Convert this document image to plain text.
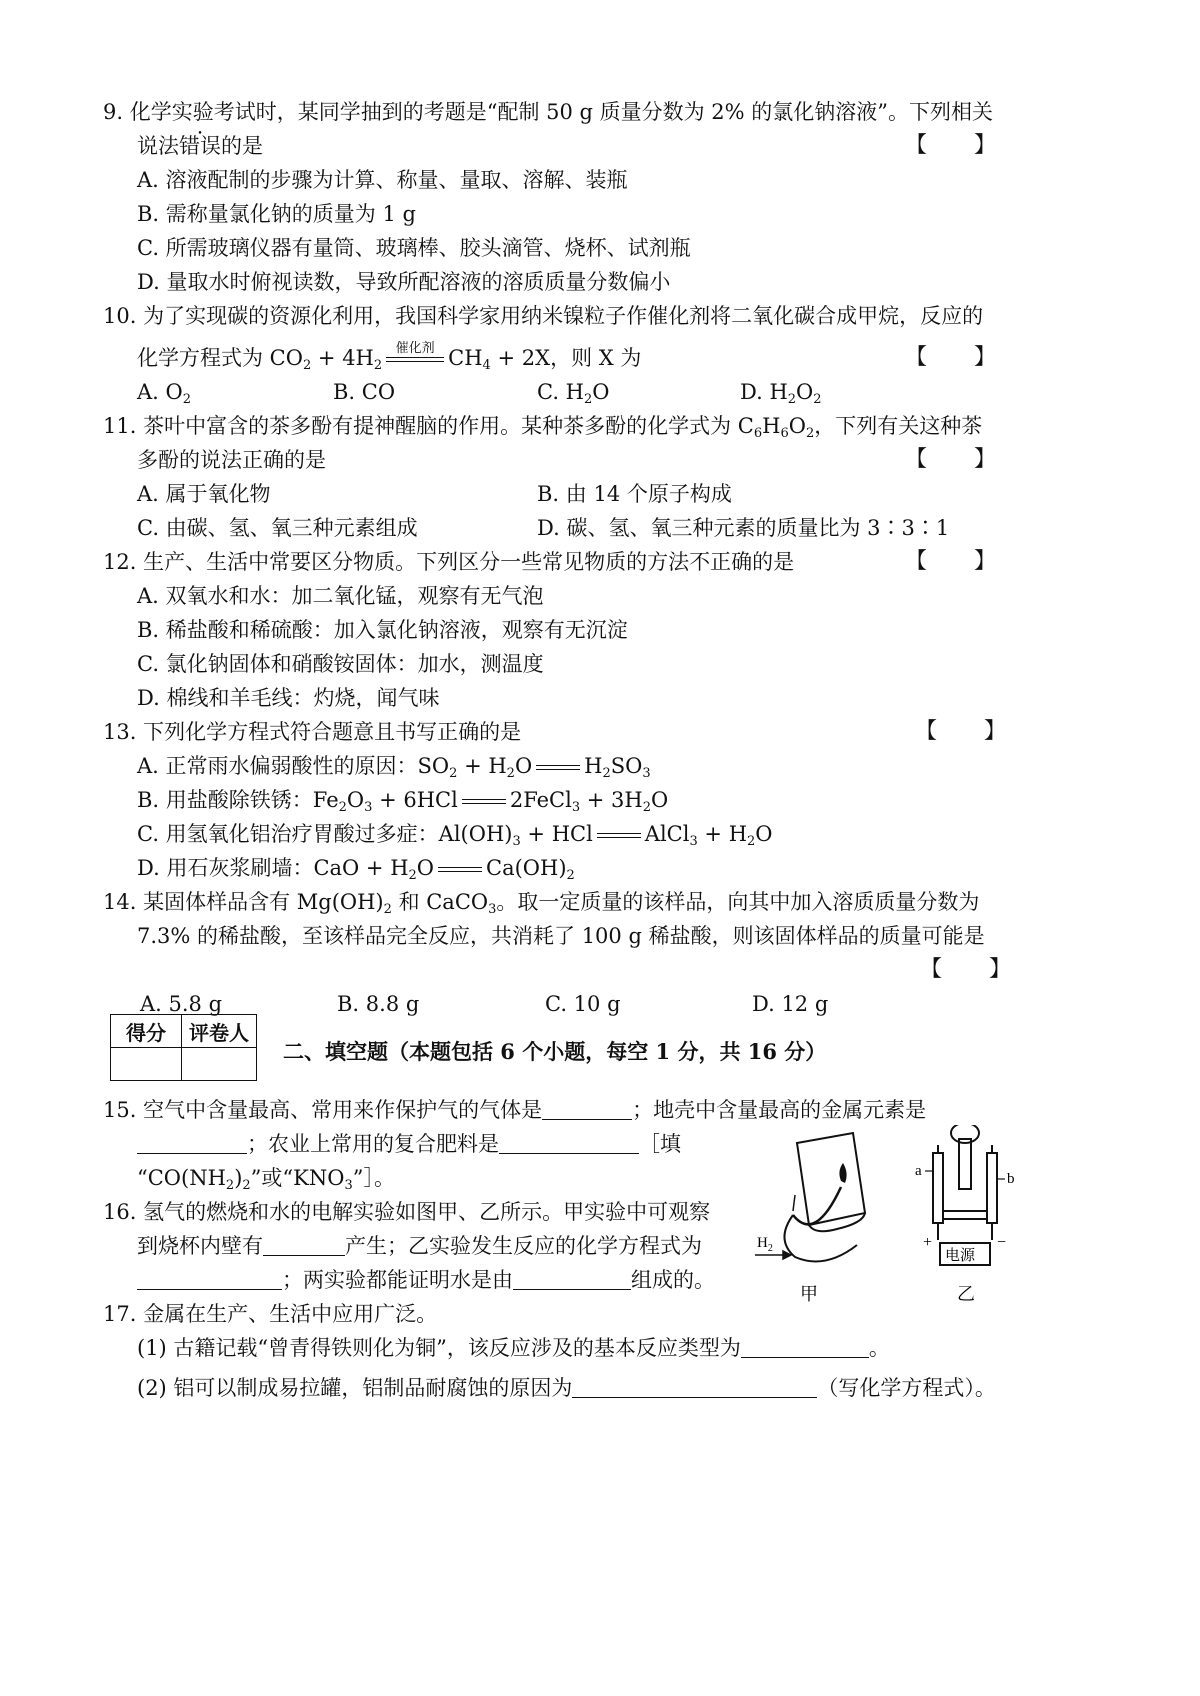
9. 化学实验考试时，某同学抽到的考题是“配制 50 g 质量分数为 2% 的氯化钠溶液”。下列相关
说法错误的是	【　　】
A. 溶液配制的步骤为计算、称量、量取、溶解、装瓶
B. 需称量氯化钠的质量为 1 g
C. 所需玻璃仪器有量筒、玻璃棒、胶头滴管、烧杯、试剂瓶
D. 量取水时俯视读数，导致所配溶液的溶质质量分数偏小
10. 为了实现碳的资源化利用，我国科学家用纳米镍粒子作催化剂将二氧化碳合成甲烷，反应的
化学方程式为 $CO_2 + 4H_2$
催化剂 $CH_4 + 2X$，则 X 为	【　　】
A. $O_2$	B. CO	C. $H_2O$	D. $H_2O_2$
11. 茶叶中富含的茶多酚有提神醒脑的作用。某种茶多酚的化学式为 $C_6H_6O_2$，下列有关这种茶
多酚的说法正确的是	【　　】
A. 属于氧化物	B. 由 14 个原子构成
C. 由碳、氢、氧三种元素组成	D. 碳、氢、氧三种元素的质量比为 3∶3∶1
12. 生产、生活中常要区分物质。下列区分一些常见物质的方法不正确的是	【　　】
A. 双氧水和水：加二氧化锰，观察有无气泡
B. 稀盐酸和稀硫酸：加入氯化钠溶液，观察有无沉淀
C. 氯化钠固体和硝酸铵固体：加水，测温度
D. 棉线和羊毛线：灼烧，闻气味
13. 下列化学方程式符合题意且书写正确的是	【　　】
A. 正常雨水偏弱酸性的原因：$SO_2 + H_2O$ $H_2SO_3$
B. 用盐酸除铁锈：$Fe_2O_3 + 6HCl$ 2FeCl$_3$ + $3H_2O$
C. 用氢氧化铝治疗胃酸过多症：$Al(OH)_3$ + HCl AlCl$_3$ + $H_2O$
D. 用石灰浆刷墙：CaO + $H_2O$ $Ca(OH)_2$
14. 某固体样品含有 $Mg(OH)_2$ 和 CaCO$_3$。取一定质量的该样品，向其中加入溶质质量分数为
7.3% 的稀盐酸，至该样品完全反应，共消耗了 100 g 稀盐酸，则该固体样品的质量可能是
【　　】
A. 5.8 g	B. 8.8 g	C. 10 g	D. 12 g
得分	评卷人

二、填空题（本题包括 6 个小题，每空 1 分，共 16 分）
15. 空气中含量最高、常用来作保护气的气体是	；地壳中含量最高的金属元素是
；农业上常用的复合肥料是	［填
“$CO(NH_2)_2$”或“$KNO_3”]$。
16. 氢气的燃烧和水的电解实验如图甲、乙所示。甲实验中可观察
到烧杯内壁有	产生；乙实验发生反应的化学方程式为
；两实验都能证明水是由	组成的。
$H_2$
甲
a	b
+	−
电源
乙
17. 金属在生产、生活中应用广泛。
(1) 古籍记载“曾青得铁则化为铜”，该反应涉及的基本反应类型为	。
(2) 铝可以制成易拉罐，铝制品耐腐蚀的原因为	（写化学方程式）。
